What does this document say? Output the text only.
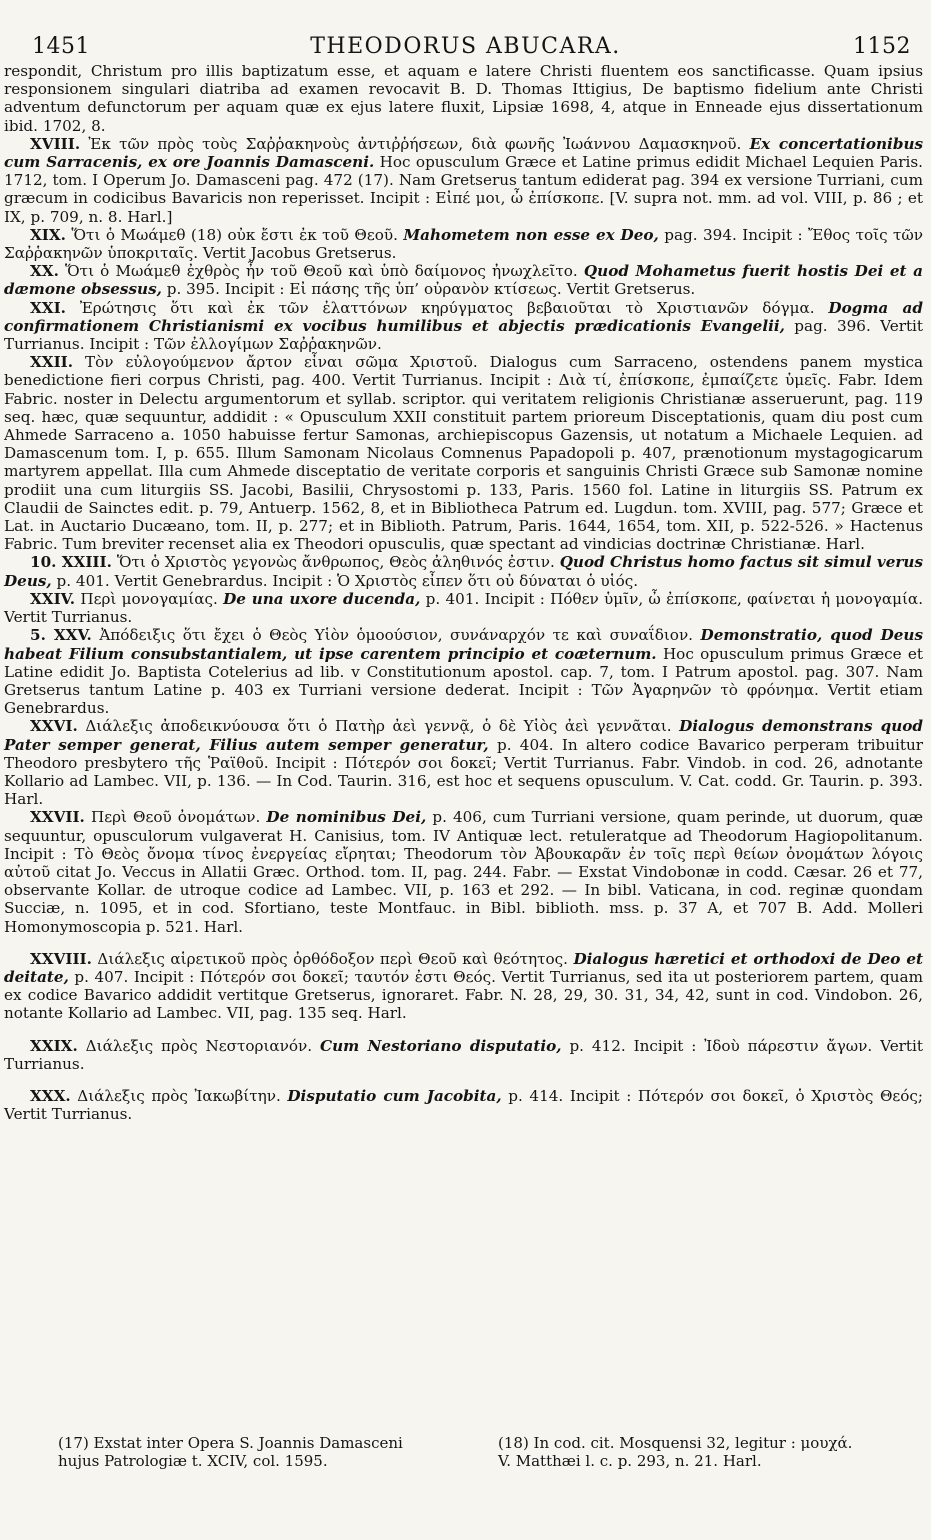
1451	THEODORUS ABUCARA.	1152

respondit, Christum pro illis baptizatum esse, et aquam e latere Christi fluentem eos sanctificasse. Quam ipsius responsionem singulari diatriba ad examen revocavit B. D. Thomas Ittigius, De baptismo fidelium ante Christi adventum defunctorum per aquam quæ ex ejus latere fluxit, Lipsiæ 1698, 4, atque in Enneade ejus dissertationum ibid. 1702, 8.

XVIII. Ἐκ τῶν πρὸς τοὺς Σαῤῥακηνοὺς ἀντιῤῥήσεων, διὰ φωνῆς Ἰωάννου Δαμασκηνοῦ. Ex concertationibus cum Sarracenis, ex ore Joannis Damasceni. Hoc opusculum Græce et Latine primus edidit Michael Lequien Paris. 1712, tom. I Operum Jo. Damasceni pag. 472 (17). Nam Gretserus tantum ediderat pag. 394 ex versione Turriani, cum græcum in codicibus Bavaricis non reperisset. Incipit : Εἰπέ μοι, ὦ ἐπίσκοπε. [V. supra not. mm. ad vol. VIII, p. 86 ; et IX, p. 709, n. 8. Harl.]

XIX. Ὅτι ὁ Μωάμεθ (18) οὐκ ἔστι ἐκ τοῦ Θεοῦ. Mahometem non esse ex Deo, pag. 394. Incipit : Ἔθος τοῖς τῶν Σαῤῥακηνῶν ὑποκριταῖς. Vertit Jacobus Gretserus.

XX. Ὅτι ὁ Μωάμεθ ἐχθρὸς ἦν τοῦ Θεοῦ καὶ ὑπὸ δαίμονος ἠνωχλεῖτο. Quod Mohametus fuerit hostis Dei et a dæmone obsessus, p. 395. Incipit : Εἰ πάσης τῆς ὑπ’ οὐρανὸν κτίσεως. Vertit Gretserus.

XXI. Ἐρώτησις ὅτι καὶ ἐκ τῶν ἐλαττόνων κηρύγματος βεβαιοῦται τὸ Χριστιανῶν δόγμα. Dogma ad confirmationem Christianismi ex vocibus humilibus et abjectis prædicationis Evangelii, pag. 396. Vertit Turrianus. Incipit : Τῶν ἐλλογίμων Σαῤῥακηνῶν.

XXII. Τὸν εὐλογούμενον ἄρτον εἶναι σῶμα Χριστοῦ. Dialogus cum Sarraceno, ostendens panem mystica benedictione fieri corpus Christi, pag. 400. Vertit Turrianus. Incipit : Διὰ τί, ἐπίσκοπε, ἐμπαίζετε ὑμεῖς. Fabr. Idem Fabric. noster in Delectu argumentorum et syllab. scriptor. qui veritatem religionis Christianæ asseruerunt, pag. 119 seq. hæc, quæ sequuntur, addidit : « Opusculum XXII constituit partem prioreum Disceptationis, quam diu post cum Ahmede Sarraceno a. 1050 habuisse fertur Samonas, archiepiscopus Gazensis, ut notatum a Michaele Lequien. ad Damascenum tom. I, p. 655. Illum Samonam Nicolaus Comnenus Papadopoli p. 407, prænotionum mystagogicarum martyrem appellat. Illa cum Ahmede disceptatio de veritate corporis et sanguinis Christi Græce sub Samonæ nomine prodiit una cum liturgiis SS. Jacobi, Basilii, Chrysostomi p. 133, Paris. 1560 fol. Latine in liturgiis SS. Patrum ex Claudii de Sainctes edit. p. 79, Antuerp. 1562, 8, et in Bibliotheca Patrum ed. Lugdun. tom. XVIII, pag. 577; Græce et Lat. in Auctario Ducæano, tom. II, p. 277; et in Biblioth. Patrum, Paris. 1644, 1654, tom. XII, p. 522-526. » Hactenus Fabric. Tum breviter recenset alia ex Theodori opusculis, quæ spectant ad vindicias doctrinæ Christianæ. Harl.

10. XXIII. Ὅτι ὁ Χριστὸς γεγονὼς ἄνθρωπος, Θεὸς ἀληθινός ἐστιν. Quod Christus homo factus sit simul verus Deus, p. 401. Vertit Genebrardus. Incipit : Ὁ Χριστὸς εἶπεν ὅτι οὐ δύναται ὁ υἱός.

XXIV. Περὶ μονογαμίας. De una uxore ducenda, p. 401. Incipit : Πόθεν ὑμῖν, ὦ ἐπίσκοπε, φαίνεται ἡ μονογαμία. Vertit Turrianus.

5. XXV. Ἀπόδειξις ὅτι ἔχει ὁ Θεὸς Υἱὸν ὁμοούσιον, συνάναρχόν τε καὶ συναΐδιον. Demonstratio, quod Deus habeat Filium consubstantialem, ut ipse carentem principio et coæternum. Hoc opusculum primus Græce et Latine edidit Jo. Baptista Cotelerius ad lib. v Constitutionum apostol. cap. 7, tom. I Patrum apostol. pag. 307. Nam Gretserus tantum Latine p. 403 ex Turriani versione dederat. Incipit : Τῶν Ἀγαρηνῶν τὸ φρόνημα. Vertit etiam Genebrardus.

XXVI. Διάλεξις ἀποδεικνύουσα ὅτι ὁ Πατὴρ ἀεὶ γεννᾷ, ὁ δὲ Υἱὸς ἀεὶ γεννᾶται. Dialogus demonstrans quod Pater semper generat, Filius autem semper generatur, p. 404. In altero codice Bavarico perperam tribuitur Theodoro presbytero τῆς Ῥαϊθοῦ. Incipit : Πότερόν σοι δοκεῖ; Vertit Turrianus. Fabr. Vindob. in cod. 26, adnotante Kollario ad Lambec. VII, p. 136. — In Cod. Taurin. 316, est hoc et sequens opusculum. V. Cat. codd. Gr. Taurin. p. 393. Harl.

XXVII. Περὶ Θεοῦ ὀνομάτων. De nominibus Dei, p. 406, cum Turriani versione, quam perinde, ut duorum, quæ sequuntur, opusculorum vulgaverat H. Canisius, tom. IV Antiquæ lect. retuleratque ad Theodorum Hagiopolitanum. Incipit : Τὸ Θεὸς ὄνομα τίνος ἐνεργείας εἴρηται; Theodorum τὸν Ἀβουκαρᾶν ἐν τοῖς περὶ θείων ὀνομάτων λόγοις αὐτοῦ citat Jo. Veccus in Allatii Græc. Orthod. tom. II, pag. 244. Fabr. — Exstat Vindobonæ in codd. Cæsar. 26 et 77, observante Kollar. de utroque codice ad Lambec. VII, p. 163 et 292. — In bibl. Vaticana, in cod. reginæ quondam Succiæ, n. 1095, et in cod. Sfortiano, teste Montfauc. in Bibl. biblioth. mss. p. 37 A, et 707 B. Add. Molleri Homonymoscopia p. 521. Harl.

XXVIII. Διάλεξις αἱρετικοῦ πρὸς ὀρθόδοξον περὶ Θεοῦ καὶ θεότητος. Dialogus hæretici et orthodoxi de Deo et deitate, p. 407. Incipit : Πότερόν σοι δοκεῖ; ταυτόν ἐστι Θεός. Vertit Turrianus, sed ita ut posteriorem partem, quam ex codice Bavarico addidit vertitque Gretserus, ignoraret. Fabr. N. 28, 29, 30. 31, 34, 42, sunt in cod. Vindobon. 26, notante Kollario ad Lambec. VII, pag. 135 seq. Harl.

XXIX. Διάλεξις πρὸς Νεστοριανόν. Cum Nestoriano disputatio, p. 412. Incipit : Ἰδοὺ πάρεστιν ἄγων. Vertit Turrianus.

XXX. Διάλεξις πρὸς Ἰακωβίτην. Disputatio cum Jacobita, p. 414. Incipit : Πότερόν σοι δοκεῖ, ὁ Χριστὸς Θεός; Vertit Turrianus.

(17) Exstat inter Opera S. Joannis Damasceni
hujus Patrologiæ t. XCIV, col. 1595.
(18) In cod. cit. Mosquensi 32, legitur : μουχά.
V. Matthæi l. c. p. 293, n. 21. Harl.
